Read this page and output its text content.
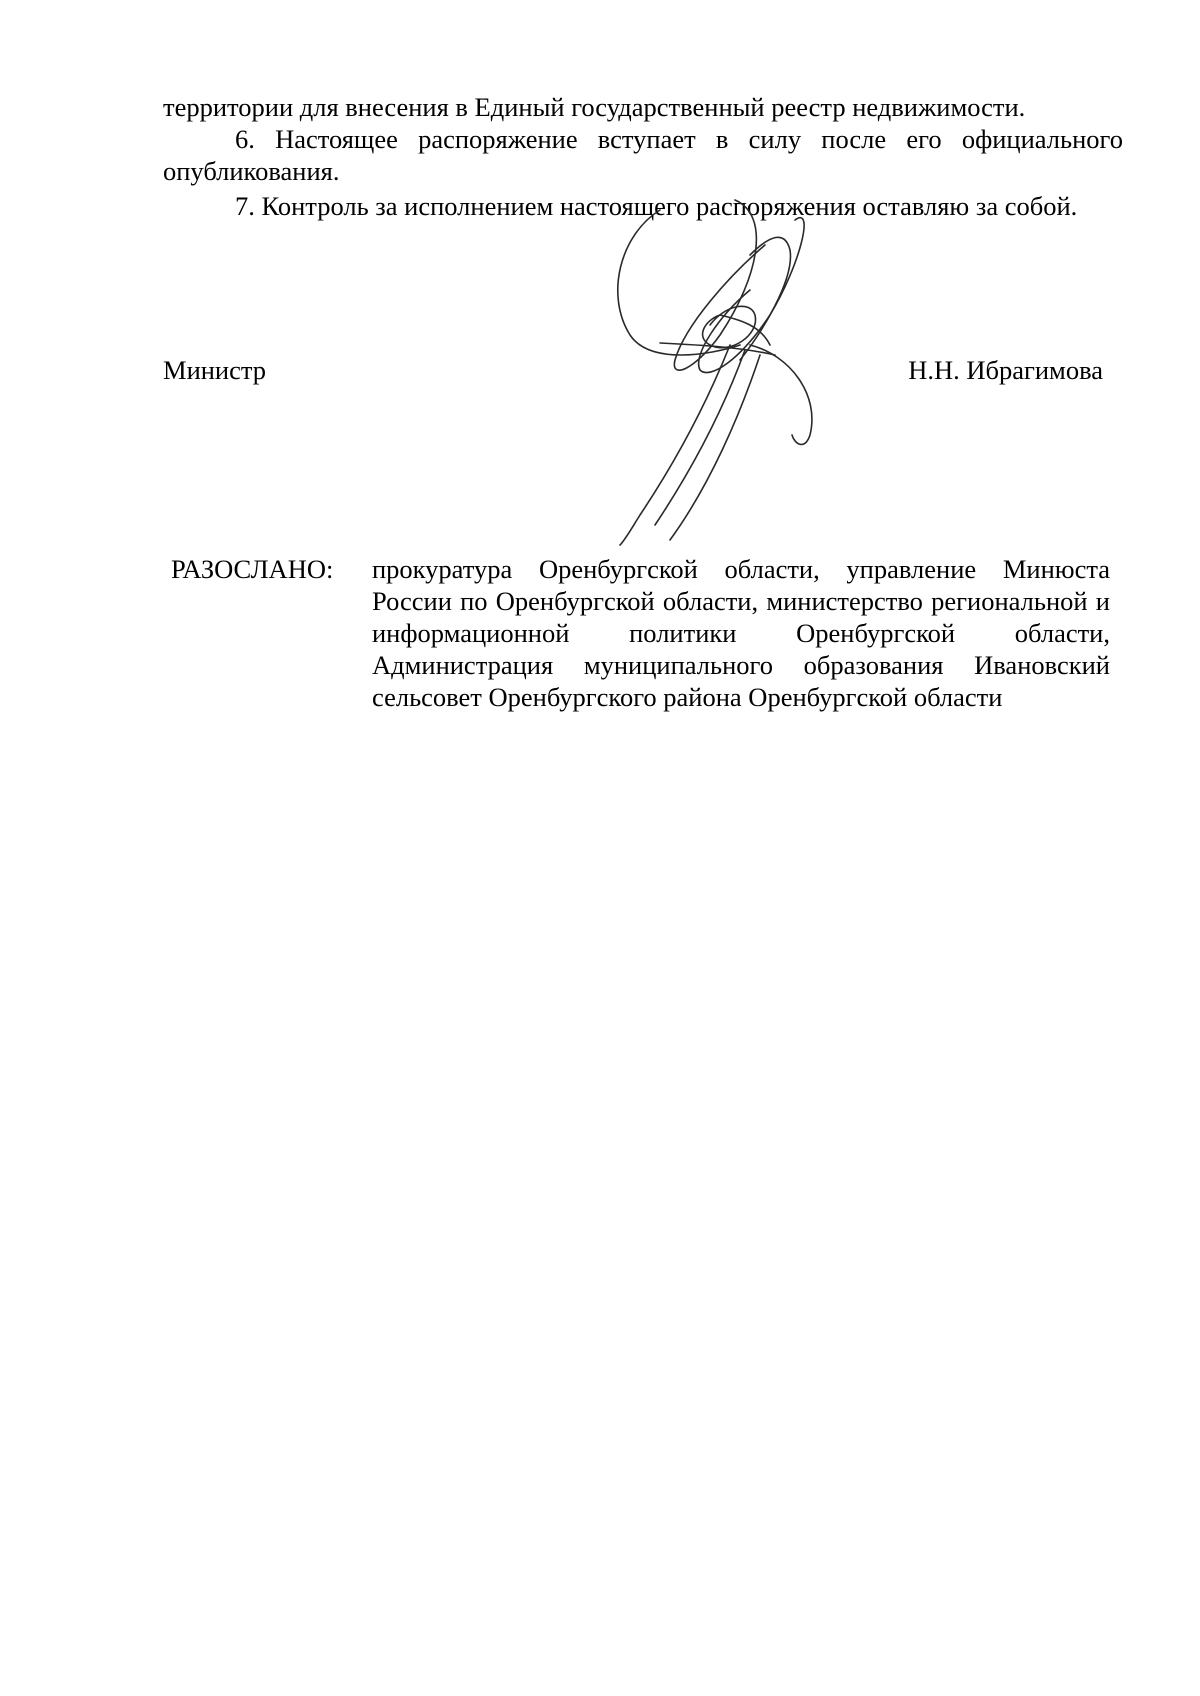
территории для внесения в Единый государственный реестр недвижимости.

6. Настоящее распоряжение вступает в силу после его официального опубликования.

7. Контроль за исполнением настоящего распоряжения оставляю за собой.

Министр	Н.Н. Ибрагимова
РАЗОСЛАНО: прокуратура Оренбургской области, управление Минюста России по Оренбургской области, министерство региональной и информационной политики Оренбургской области, Администрация муниципального образования Ивановский сельсовет Оренбургского района Оренбургской области
